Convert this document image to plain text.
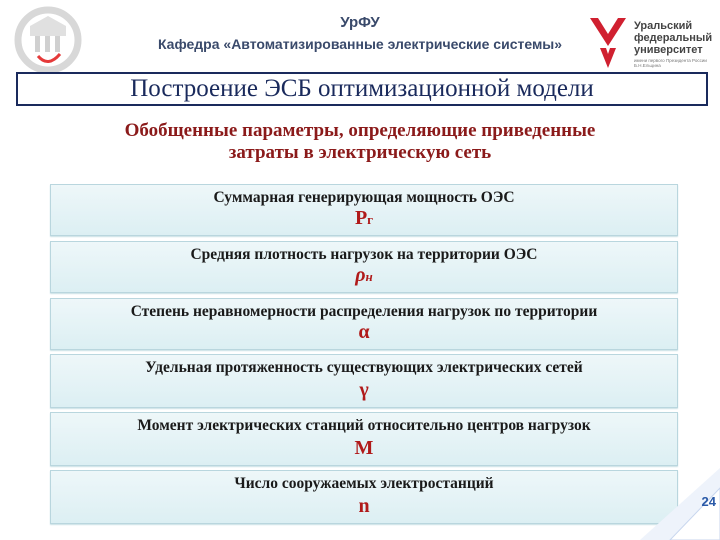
УрФУ
Кафедра «Автоматизированные электрические системы»
Уральский федеральный университет
имени первого Президента России Б.Н.Ельцина
Построение ЭСБ оптимизационной модели
Обобщенные параметры, определяющие приведенные
затраты в электрическую сеть
Суммарная генерирующая мощность ОЭС
Pг
Средняя плотность нагрузок на территории ОЭС
ρн
Степень неравномерности распределения нагрузок по территории
α
Удельная протяженность существующих электрических сетей
γ
Момент электрических станций относительно центров нагрузок
M
Число сооружаемых электростанций
n	24
